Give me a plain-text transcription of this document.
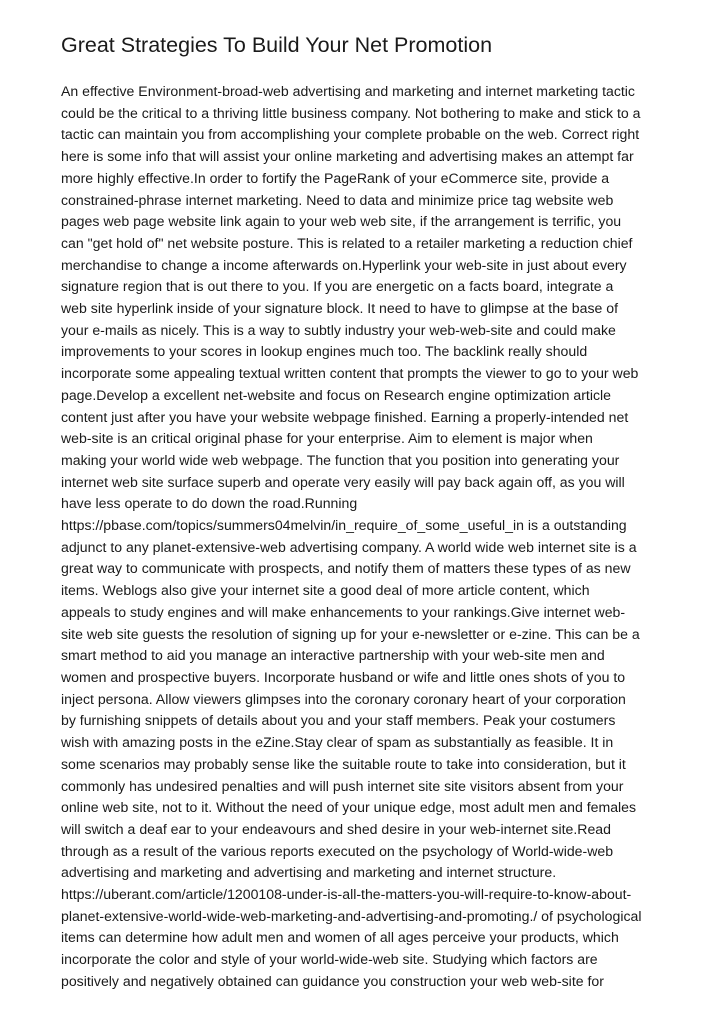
Great Strategies To Build Your Net Promotion
An effective Environment-broad-web advertising and marketing and internet marketing tactic
could be the critical to a thriving little business company. Not bothering to make and stick to a
tactic can maintain you from accomplishing your complete probable on the web. Correct right
here is some info that will assist your online marketing and advertising makes an attempt far
more highly effective.In order to fortify the PageRank of your eCommerce site, provide a
constrained-phrase internet marketing. Need to data and minimize price tag website web
pages web page website link again to your web web site, if the arrangement is terrific, you
can "get hold of" net website posture. This is related to a retailer marketing a reduction chief
merchandise to change a income afterwards on.Hyperlink your web-site in just about every
signature region that is out there to you. If you are energetic on a facts board, integrate a
web site hyperlink inside of your signature block. It need to have to glimpse at the base of
your e-mails as nicely. This is a way to subtly industry your web-web-site and could make
improvements to your scores in lookup engines much too. The backlink really should
incorporate some appealing textual written content that prompts the viewer to go to your web
page.Develop a excellent net-website and focus on Research engine optimization article
content just after you have your website webpage finished. Earning a properly-intended net
web-site is an critical original phase for your enterprise. Aim to element is major when
making your world wide web webpage. The function that you position into generating your
internet web site surface superb and operate very easily will pay back again off, as you will
have less operate to do down the road.Running
https://pbase.com/topics/summers04melvin/in_require_of_some_useful_in is a outstanding
adjunct to any planet-extensive-web advertising company. A world wide web internet site is a
great way to communicate with prospects, and notify them of matters these types of as new
items. Weblogs also give your internet site a good deal of more article content, which
appeals to study engines and will make enhancements to your rankings.Give internet web-
site web site guests the resolution of signing up for your e-newsletter or e-zine. This can be a
smart method to aid you manage an interactive partnership with your web-site men and
women and prospective buyers. Incorporate husband or wife and little ones shots of you to
inject persona. Allow viewers glimpses into the coronary coronary heart of your corporation
by furnishing snippets of details about you and your staff members. Peak your costumers
wish with amazing posts in the eZine.Stay clear of spam as substantially as feasible. It in
some scenarios may probably sense like the suitable route to take into consideration, but it
commonly has undesired penalties and will push internet site site visitors absent from your
online web site, not to it. Without the need of your unique edge, most adult men and females
will switch a deaf ear to your endeavours and shed desire in your web-internet site.Read
through as a result of the various reports executed on the psychology of World-wide-web
advertising and marketing and advertising and marketing and internet structure.
https://uberant.com/article/1200108-under-is-all-the-matters-you-will-require-to-know-about-
planet-extensive-world-wide-web-marketing-and-advertising-and-promoting./ of psychological
items can determine how adult men and women of all ages perceive your products, which
incorporate the color and style of your world-wide-web site. Studying which factors are
positively and negatively obtained can guidance you construction your web web-site for
